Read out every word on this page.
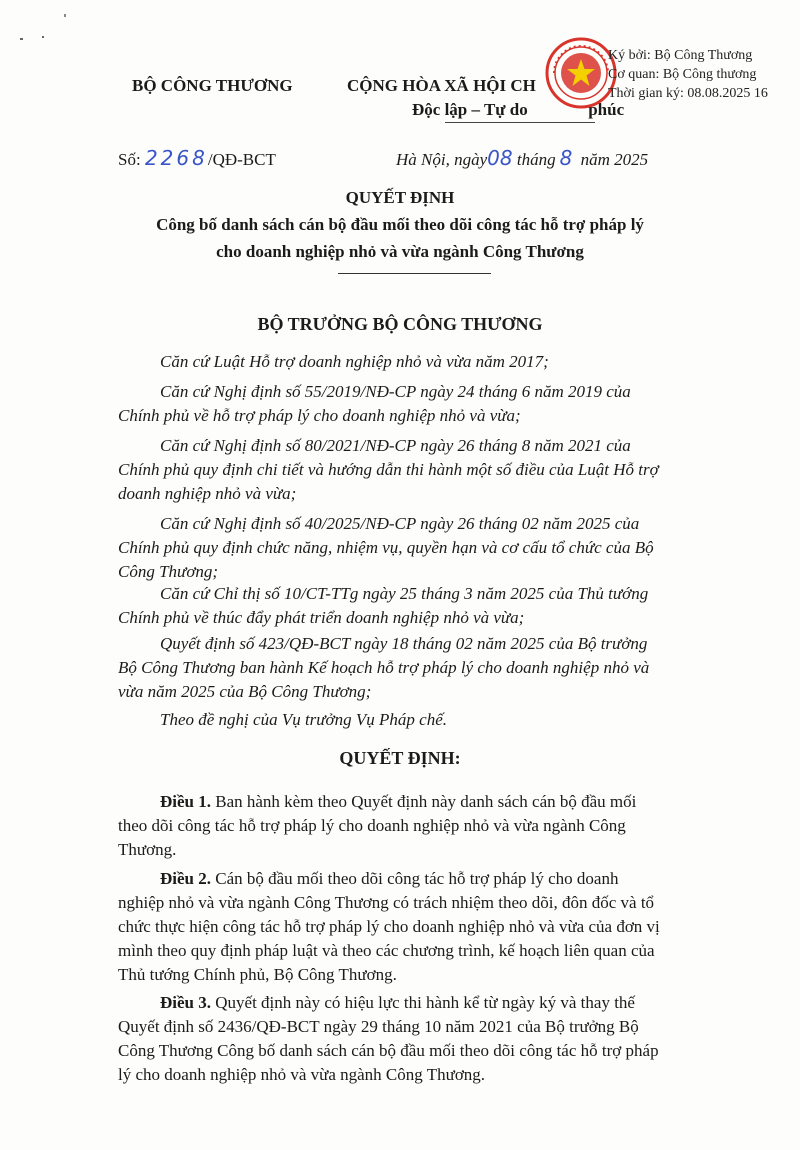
BỘ CÔNG THƯƠNG
Số: 2268/QĐ-BCT
CỘNG HÒA XÃ HỘI CH
Độc lập – Tự do	phúc
Hà Nội, ngày08 tháng 8 năm 2025
Ký bởi: Bộ Công Thương
Cơ quan: Bộ Công thương
Thời gian ký: 08.08.2025 16
QUYẾT ĐỊNH
Công bố danh sách cán bộ đầu mối theo dõi công tác hỗ trợ pháp lý
cho doanh nghiệp nhỏ và vừa ngành Công Thương
BỘ TRƯỞNG BỘ CÔNG THƯƠNG
Căn cứ Luật Hỗ trợ doanh nghiệp nhỏ và vừa năm 2017;
Căn cứ Nghị định số 55/2019/NĐ-CP ngày 24 tháng 6 năm 2019 của
Chính phủ về hỗ trợ pháp lý cho doanh nghiệp nhỏ và vừa;
Căn cứ Nghị định số 80/2021/NĐ-CP ngày 26 tháng 8 năm 2021 của
Chính phủ quy định chi tiết và hướng dẫn thi hành một số điều của Luật Hỗ trợ
doanh nghiệp nhỏ và vừa;
Căn cứ Nghị định số 40/2025/NĐ-CP ngày 26 tháng 02 năm 2025 của
Chính phủ quy định chức năng, nhiệm vụ, quyền hạn và cơ cấu tổ chức của Bộ
Công Thương;
Căn cứ Chỉ thị số 10/CT-TTg ngày 25 tháng 3 năm 2025 của Thủ tướng
Chính phủ về thúc đẩy phát triển doanh nghiệp nhỏ và vừa;
Quyết định số 423/QĐ-BCT ngày 18 tháng 02 năm 2025 của Bộ trưởng
Bộ Công Thương ban hành Kế hoạch hỗ trợ pháp lý cho doanh nghiệp nhỏ và
vừa năm 2025 của Bộ Công Thương;
Theo đề nghị của Vụ trưởng Vụ Pháp chế.
QUYẾT ĐỊNH:
Điều 1. Ban hành kèm theo Quyết định này danh sách cán bộ đầu mối
theo dõi công tác hỗ trợ pháp lý cho doanh nghiệp nhỏ và vừa ngành Công
Thương.
Điều 2. Cán bộ đầu mối theo dõi công tác hỗ trợ pháp lý cho doanh
nghiệp nhỏ và vừa ngành Công Thương có trách nhiệm theo dõi, đôn đốc và tổ
chức thực hiện công tác hỗ trợ pháp lý cho doanh nghiệp nhỏ và vừa của đơn vị
mình theo quy định pháp luật và theo các chương trình, kế hoạch liên quan của
Thủ tướng Chính phủ, Bộ Công Thương.
Điều 3. Quyết định này có hiệu lực thi hành kể từ ngày ký và thay thế
Quyết định số 2436/QĐ-BCT ngày 29 tháng 10 năm 2021 của Bộ trưởng Bộ
Công Thương Công bố danh sách cán bộ đầu mối theo dõi công tác hỗ trợ pháp
lý cho doanh nghiệp nhỏ và vừa ngành Công Thương.
